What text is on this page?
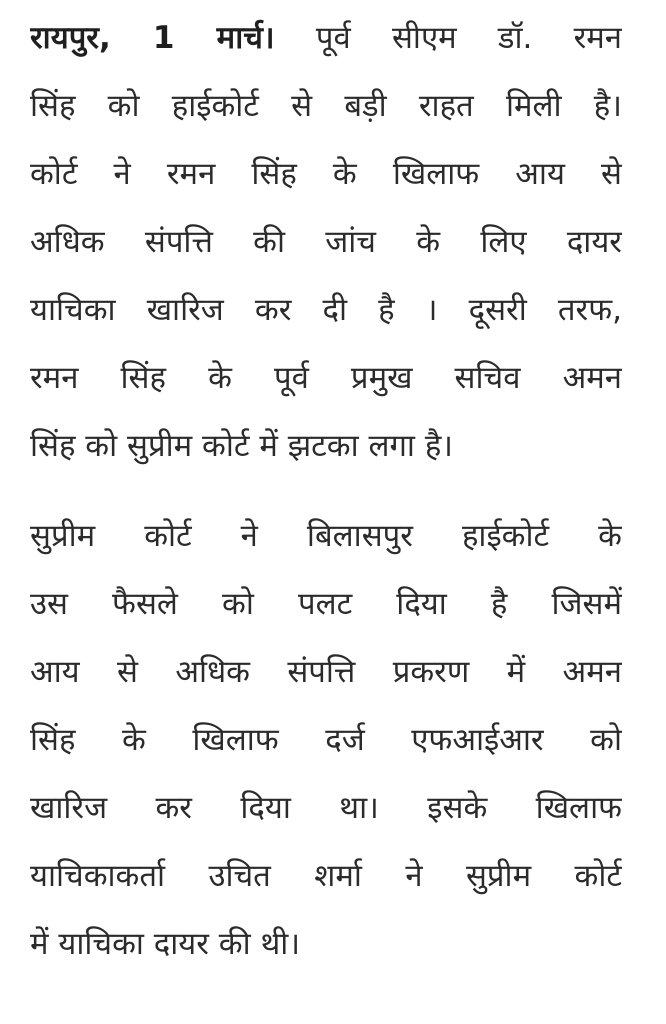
रायपुर, 1 मार्च। पूर्व सीएम डॉ. रमन
सिंह को हाईकोर्ट से बड़ी राहत मिली है।
कोर्ट ने रमन सिंह के खिलाफ आय से
अधिक संपत्ति की जांच के लिए दायर
याचिका खारिज कर दी है । दूसरी तरफ,
रमन सिंह के पूर्व प्रमुख सचिव अमन
सिंह को सुप्रीम कोर्ट में झटका लगा है।
सुप्रीम कोर्ट ने बिलासपुर हाईकोर्ट के
उस फैसले को पलट दिया है जिसमें
आय से अधिक संपत्ति प्रकरण में अमन
सिंह के खिलाफ दर्ज एफआईआर को
खारिज कर दिया था। इसके खिलाफ
याचिकाकर्ता उचित शर्मा ने सुप्रीम कोर्ट
में याचिका दायर की थी।
